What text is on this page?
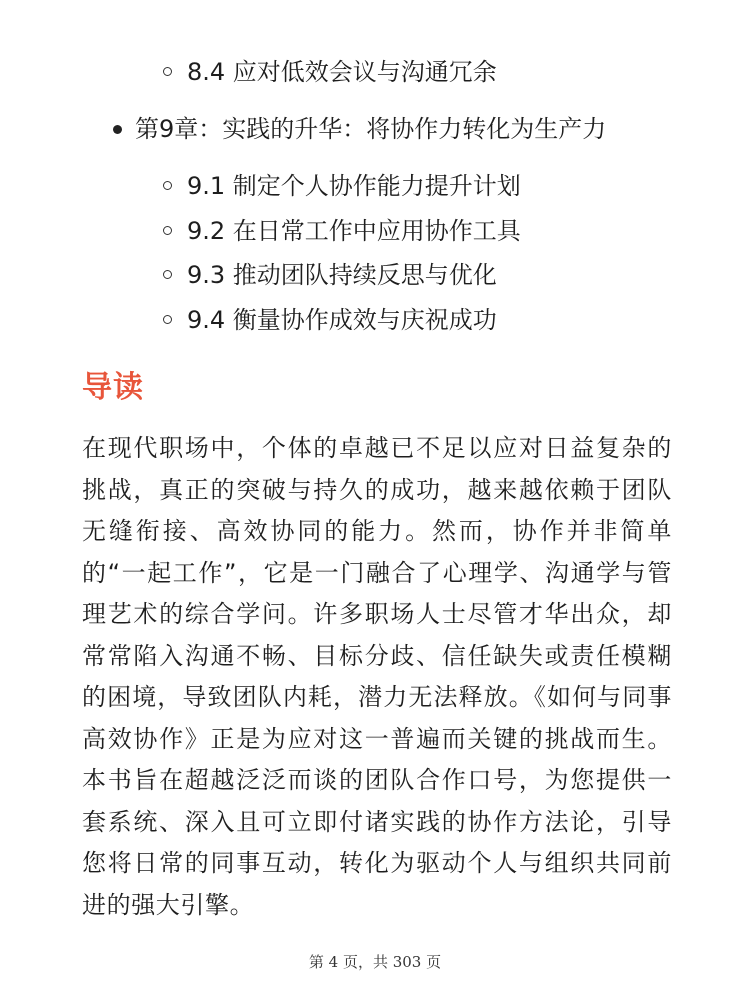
8.4 应对低效会议与沟通冗余
第9章：实践的升华：将协作力转化为生产力
9.1 制定个人协作能力提升计划
9.2 在日常工作中应用协作工具
9.3 推动团队持续反思与优化
9.4 衡量协作成效与庆祝成功
导读

在现代职场中，个体的卓越已不足以应对日益复杂的挑战，真正的突破与持久的成功，越来越依赖于团队无缝衔接、高效协同的能力。然而，协作并非简单的“一起工作”，它是一门融合了心理学、沟通学与管理艺术的综合学问。许多职场人士尽管才华出众，却常常陷入沟通不畅、目标分歧、信任缺失或责任模糊的困境，导致团队内耗，潜力无法释放。《如何与同事高效协作》正是为应对这一普遍而关键的挑战而生。本书旨在超越泛泛而谈的团队合作口号，为您提供一套系统、深入且可立即付诸实践的协作方法论，引导您将日常的同事互动，转化为驱动个人与组织共同前进的强大引擎。

第 4 页，共 303 页
